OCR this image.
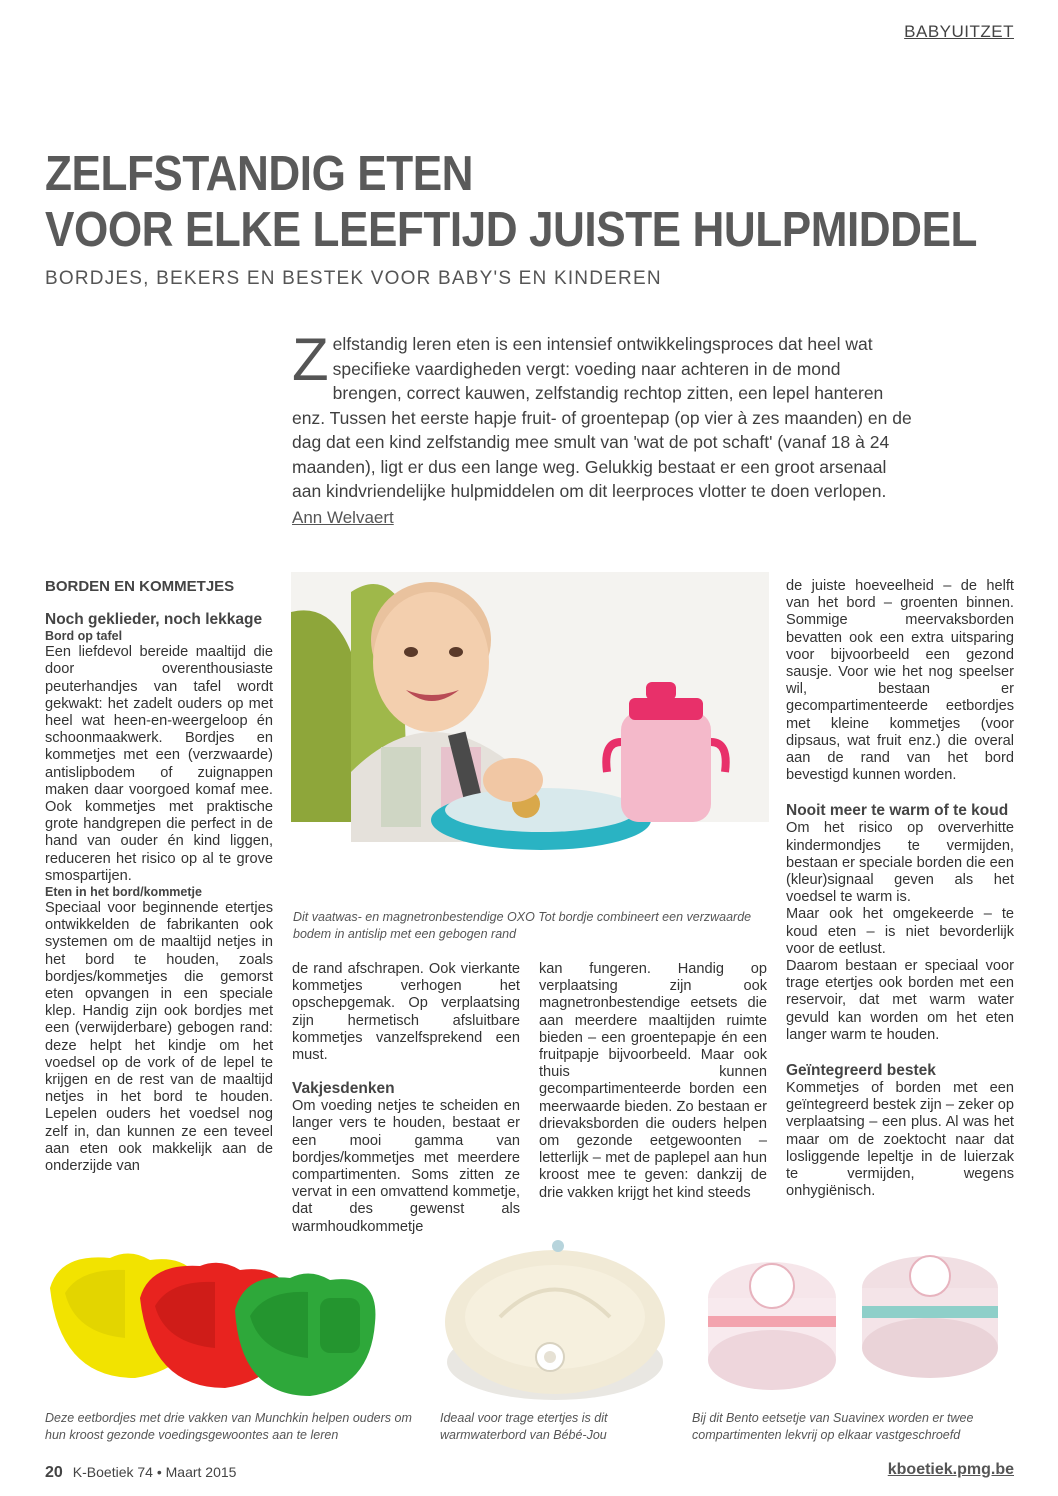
BABYUITZET
ZELFSTANDIG ETEN
VOOR ELKE LEEFTIJD JUISTE HULPMIDDEL
BORDJES, BEKERS EN BESTEK VOOR BABY'S EN KINDEREN
Zelfstandig leren eten is een intensief ontwikkelingsproces dat heel wat specifieke vaardigheden vergt: voeding naar achteren in de mond brengen, correct kauwen, zelfstandig rechtop zitten, een lepel hanteren enz. Tussen het eerste hapje fruit- of groentepap (op vier à zes maanden) en de dag dat een kind zelfstandig mee smult van 'wat de pot schaft' (vanaf 18 à 24 maanden), ligt er dus een lange weg. Gelukkig bestaat er een groot arsenaal aan kindvriendelijke hulpmiddelen om dit leerproces vlotter te doen verlopen.
Ann Welvaert
BORDEN EN KOMMETJES
Noch geklieder, noch lekkage
Bord op tafel

Een liefdevol bereide maaltijd die door overenthousiaste peuterhandjes van tafel wordt gekwakt: het zadelt ouders op met heel wat heen-en-weergeloop én schoonmaakwerk. Bordjes en kommetjes met een (verzwaarde) antislipbodem of zuignappen maken daar voorgoed komaf mee. Ook kommetjes met praktische grote handgrepen die perfect in de hand van ouder én kind liggen, reduceren het risico op al te grove smospartijen.

Eten in het bord/kommetje

Speciaal voor beginnende etertjes ontwikkelden de fabrikanten ook systemen om de maaltijd netjes in het bord te houden, zoals bordjes/kommetjes die gemorst eten opvangen in een speciale klep. Handig zijn ook bordjes met een (verwijderbare) gebogen rand: deze helpt het kindje om het voedsel op de vork of de lepel te krijgen en de rest van de maaltijd netjes in het bord te houden. Lepelen ouders het voedsel nog zelf in, dan kunnen ze een teveel aan eten ook makkelijk aan de onderzijde van

Dit vaatwas- en magnetronbestendige OXO Tot bordje combineert een verzwaarde bodem in antislip met een gebogen rand

de rand afschrapen. Ook vierkante kommetjes verhogen het opschepgemak. Op verplaatsing zijn hermetisch afsluitbare kommetjes vanzelfsprekend een must.

Vakjesdenken

Om voeding netjes te scheiden en langer vers te houden, bestaat er een mooi gamma van bordjes/kommetjes met meerdere compartimenten. Soms zitten ze vervat in een omvattend kommetje, dat des gewenst als warmhoudkommetje

kan fungeren. Handig op verplaatsing zijn ook magnetronbestendige eetsets die aan meerdere maaltijden ruimte bieden – een groentepapje én een fruitpapje bijvoorbeeld. Maar ook thuis kunnen gecompartimenteerde borden een meerwaarde bieden. Zo bestaan er drievaksborden die ouders helpen om gezonde eetgewoonten – letterlijk – met de paplepel aan hun kroost mee te geven: dankzij de drie vakken krijgt het kind steeds

de juiste hoeveelheid – de helft van het bord – groenten binnen. Sommige meervaksborden bevatten ook een extra uitsparing voor bijvoorbeeld een gezond sausje. Voor wie het nog speelser wil, bestaan er gecompartimenteerde eetbordjes met kleine kommetjes (voor dipsaus, wat fruit enz.) die overal aan de rand van het bord bevestigd kunnen worden.

Nooit meer te warm of te koud

Om het risico op oververhitte kindermondjes te vermijden, bestaan er speciale borden die een (kleur)signaal geven als het voedsel te warm is.

Maar ook het omgekeerde – te koud eten – is niet bevorderlijk voor de eetlust.

Daarom bestaan er speciaal voor trage etertjes ook borden met een reservoir, dat met warm water gevuld kan worden om het eten langer warm te houden.

Geïntegreerd bestek

Kommetjes of borden met een geïntegreerd bestek zijn – zeker op verplaatsing – een plus. Al was het maar om de zoektocht naar dat losliggende lepeltje in de luierzak te vermijden, wegens onhygiënisch.

Deze eetbordjes met drie vakken van Munchkin helpen ouders om hun kroost gezonde voedingsgewoontes aan te leren
Ideaal voor trage etertjes is dit warmwaterbord van Bébé-Jou
Bij dit Bento eetsetje van Suavinex worden er twee compartimenten lekvrij op elkaar vastgeschroefd
20 K-Boetiek 74 • Maart 2015	kboetiek.pmg.be
